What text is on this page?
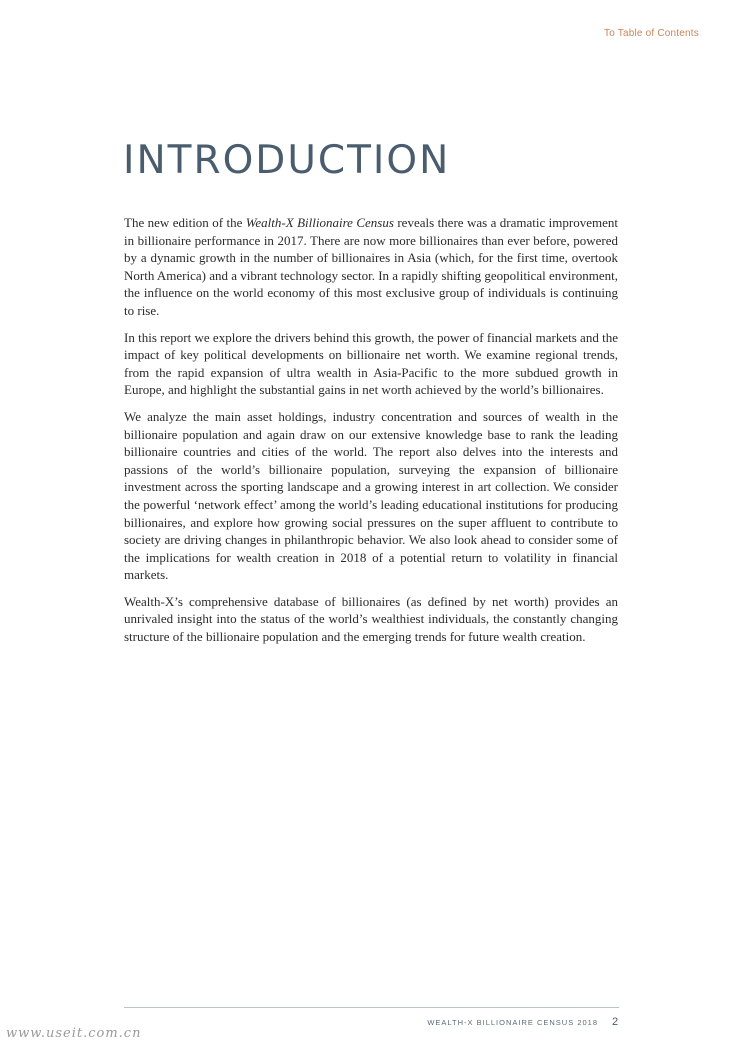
To Table of Contents
INTRODUCTION

The new edition of the Wealth-X Billionaire Census reveals there was a dramatic improvement in billionaire performance in 2017. There are now more billionaires than ever before, powered by a dynamic growth in the number of billionaires in Asia (which, for the first time, overtook North America) and a vibrant technology sector. In a rapidly shifting geopolitical environment, the influence on the world economy of this most exclusive group of individuals is continuing to rise.

In this report we explore the drivers behind this growth, the power of financial markets and the impact of key political developments on billionaire net worth. We examine regional trends, from the rapid expansion of ultra wealth in Asia-Pacific to the more subdued growth in Europe, and highlight the substantial gains in net worth achieved by the world’s billionaires.

We analyze the main asset holdings, industry concentration and sources of wealth in the billionaire population and again draw on our extensive knowledge base to rank the leading billionaire countries and cities of the world. The report also delves into the interests and passions of the world’s billionaire population, surveying the expansion of billionaire investment across the sporting landscape and a growing interest in art collection. We consider the powerful ‘network effect’ among the world’s leading educational institutions for producing billionaires, and explore how growing social pressures on the super affluent to contribute to society are driving changes in philanthropic behavior. We also look ahead to consider some of the implications for wealth creation in 2018 of a potential return to volatility in financial markets.

Wealth-X’s comprehensive database of billionaires (as defined by net worth) provides an unrivaled insight into the status of the world’s wealthiest individuals, the constantly changing structure of the billionaire population and the emerging trends for future wealth creation.

WEALTH-X BILLIONAIRE CENSUS 2018 2
www.useit.com.cn
